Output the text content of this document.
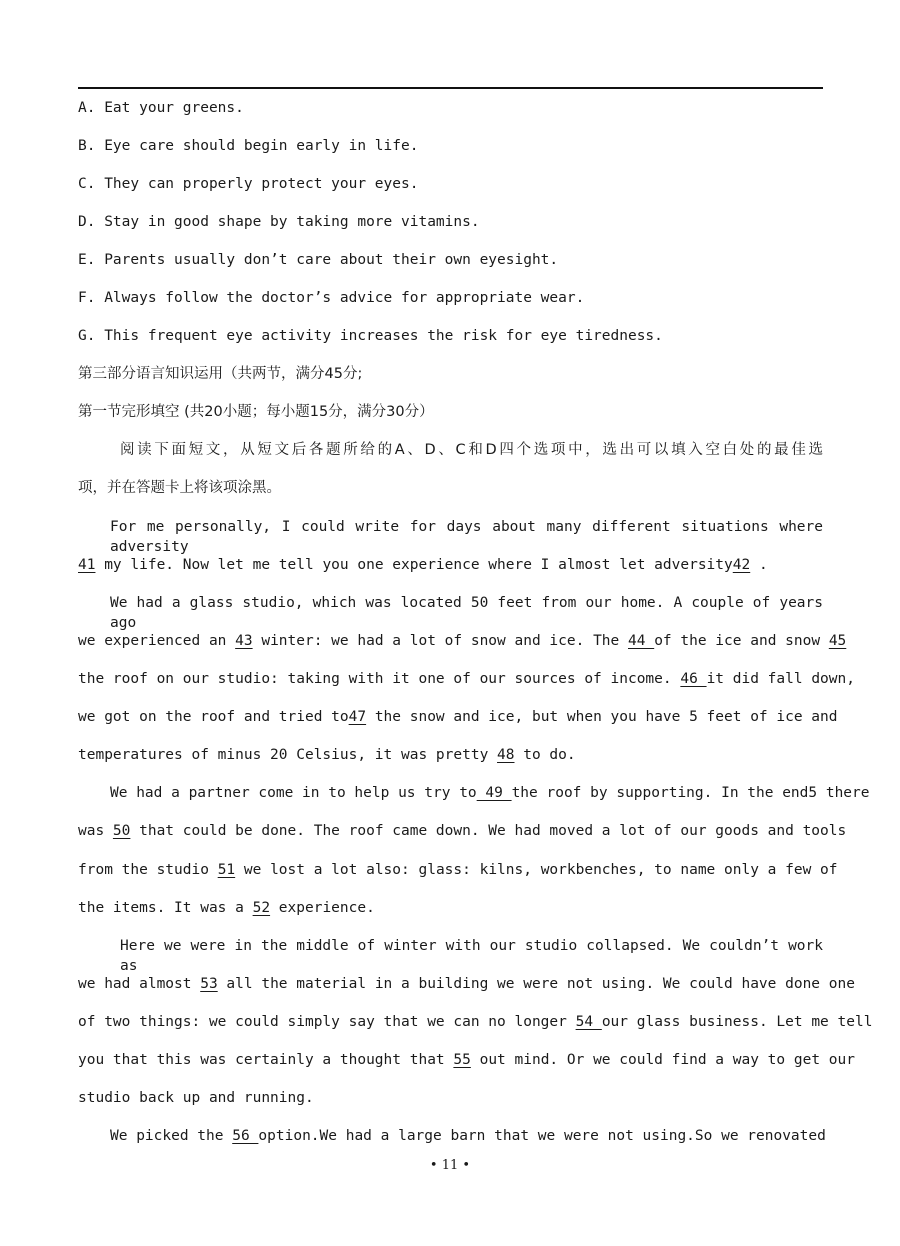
A. Eat your greens.
B. Eye care should begin early in life.
C. They can properly protect your eyes.
D. Stay in good shape by taking more vitamins.
E. Parents usually don’t care about their own eyesight.
F. Always follow the doctor’s advice for appropriate wear.
G. This frequent eye activity increases the risk for eye tiredness.
第三部分语言知识运用（共两节，满分45分;
第一节完形填空 (共20小题；每小题15分，满分30分）
阅读下面短文，从短文后各题所给的A、D、C和D四个选项中，选出可以填入空白处的最佳选
项，并在答题卡上将该项涂黑。
For me personally, I could write for days about many different situations where adversity
41 my life. Now let me tell you one experience where I almost let adversity42 .
We had a glass studio, which was located 50 feet from our home. A couple of years ago
we experienced an 43 winter: we had a lot of snow and ice. The 44 of the ice and snow 45
the roof on our studio: taking with it one of our sources of income. 46 it did fall down,
we got on the roof and tried to47 the snow and ice, but when you have 5 feet of ice and
temperatures of minus 20 Celsius, it was pretty 48 to do.
We had a partner come in to help us try to 49 the roof by supporting. In the end5 there
was 50 that could be done. The roof came down. We had moved a lot of our goods and tools
from the studio 51 we lost a lot also: glass: kilns, workbenches, to name only a few of
the items. It was a 52 experience.
Here we were in the middle of winter with our studio collapsed. We couldn’t work as
we had almost 53 all the material in a building we were not using. We could have done one
of two things: we could simply say that we can no longer 54 our glass business. Let me tell
you that this was certainly a thought that 55 out mind. Or we could find a way to get our
studio back up and running.
We picked the 56 option.We had a large barn that we were not using.So we renovated
• 11 •
